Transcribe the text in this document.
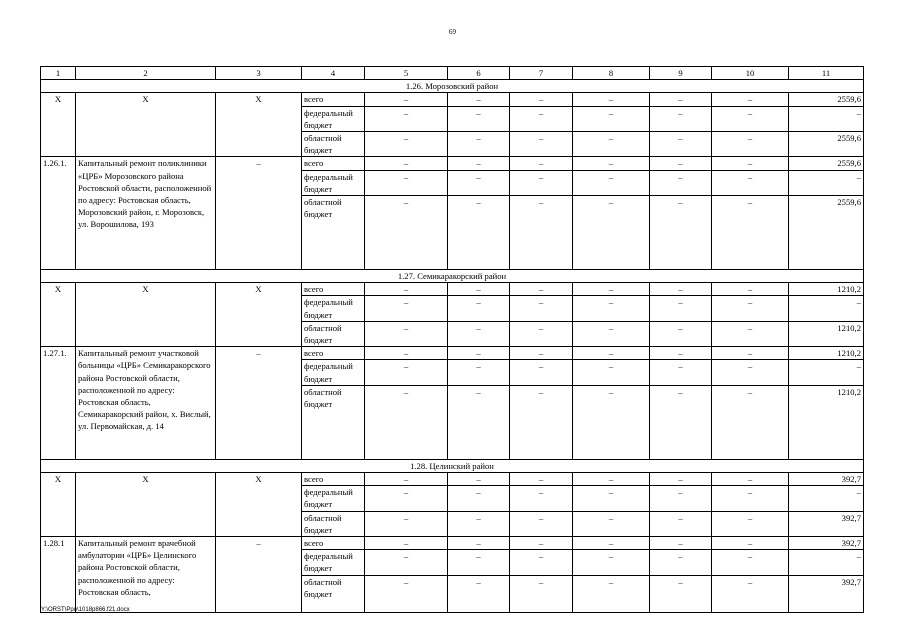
69
1	2	3	4	5	6	7	8	9	10	11
1.26. Морозовский район										
Х	Х	Х	всего	–	–	–	–	–	–	2559,6
			федеральный бюджет	–	–	–	–	–	–	–
			областной бюджет	–	–	–	–	–	–	2559,6
1.26.1.	Капитальный ремонт поликлиники «ЦРБ» Морозовского района Ростовской области, расположенной по адресу: Ростовская область, Морозовский район, г. Морозовск, ул. Ворошилова, 193	–	всего	–	–	–	–	–	–	2559,6
			федеральный бюджет	–	–	–	–	–	–	–
			областной бюджет	–	–	–	–	–	–	2559,6
1.27. Семикаракорский район										
Х	Х	Х	всего	–	–	–	–	–	–	1210,2
			федеральный бюджет	–	–	–	–	–	–	–
			областной бюджет	–	–	–	–	–	–	1210,2
1.27.1.	Капитальный ремонт участковой больницы «ЦРБ» Семикаракорского района Ростовской области, расположенной по адресу: Ростовская область, Семикаракорский район, х. Вислый, ул. Первомайская, д. 14	–	всего	–	–	–	–	–	–	1210,2
			федеральный бюджет	–	–	–	–	–	–	–
			областной бюджет	–	–	–	–	–	–	1210,2
1.28. Целинский район										
Х	Х	Х	всего	–	–	–	–	–	–	392,7
			федеральный бюджет	–	–	–	–	–	–	–
			областной бюджет	–	–	–	–	–	–	392,7
1.28.1	Капитальный ремонт врачебной амбулатории «ЦРБ» Целинского района Ростовской области, расположенной по адресу: Ростовская область,	–	всего	–	–	–	–	–	–	392,7
			федеральный бюджет	–	–	–	–	–	–	–
			областной бюджет	–	–	–	–	–	–	392,7
Y:\ORST\Ppo\1018p866.f21.docx
